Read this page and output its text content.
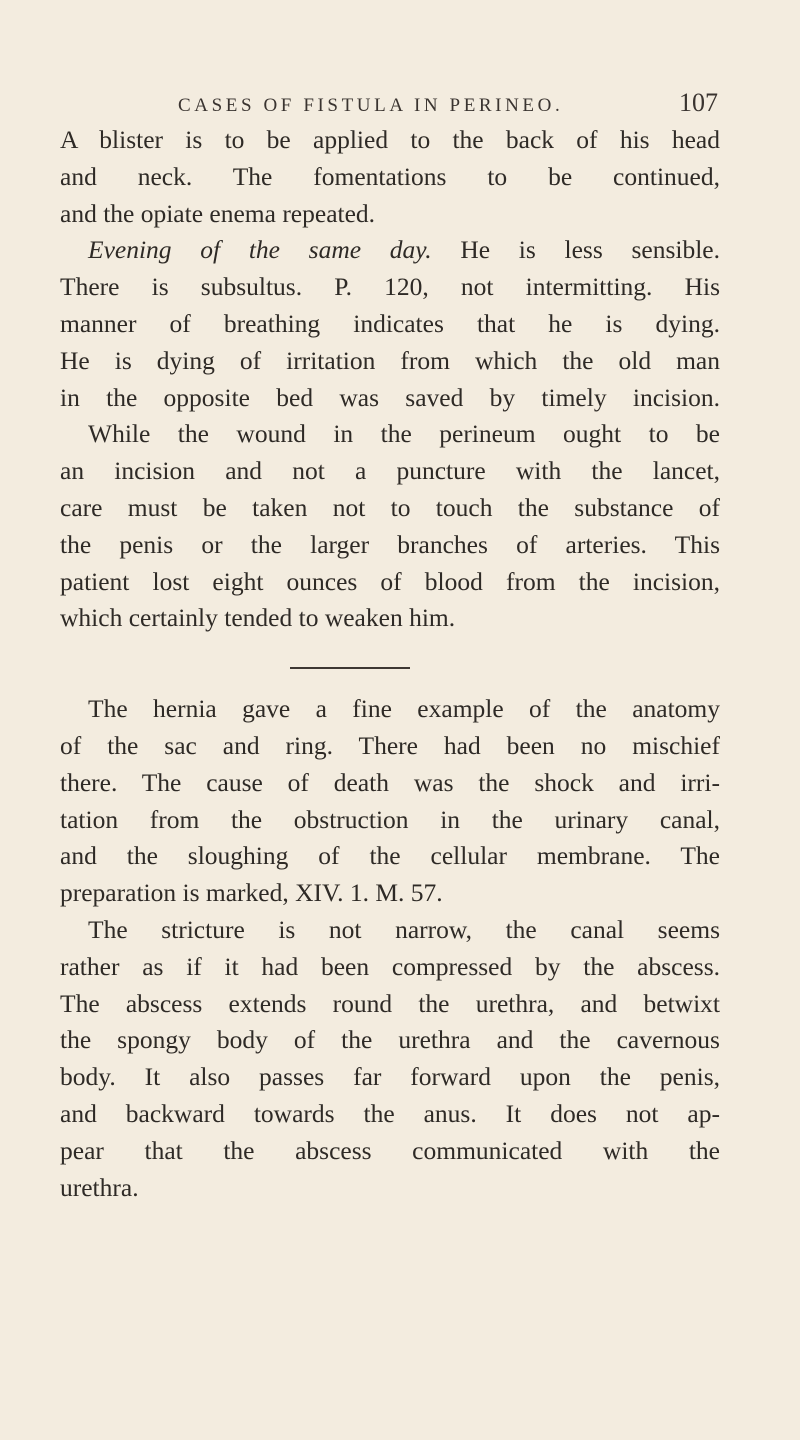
CASES OF FISTULA IN PERINEO.	107
A blister is to be applied to the back of his head
and neck. The fomentations to be continued,
and the opiate enema repeated.
Evening of the same day. He is less sensible.
There is subsultus. P. 120, not intermitting. His
manner of breathing indicates that he is dying.
He is dying of irritation from which the old man
in the opposite bed was saved by timely incision.
While the wound in the perineum ought to be
an incision and not a puncture with the lancet,
care must be taken not to touch the substance of
the penis or the larger branches of arteries. This
patient lost eight ounces of blood from the incision,
which certainly tended to weaken him.
The hernia gave a fine example of the anatomy
of the sac and ring. There had been no mischief
there. The cause of death was the shock and irri-
tation from the obstruction in the urinary canal,
and the sloughing of the cellular membrane. The
preparation is marked, XIV. 1. M. 57.
The stricture is not narrow, the canal seems
rather as if it had been compressed by the abscess.
The abscess extends round the urethra, and betwixt
the spongy body of the urethra and the cavernous
body. It also passes far forward upon the penis,
and backward towards the anus. It does not ap-
pear that the abscess communicated with the
urethra.
